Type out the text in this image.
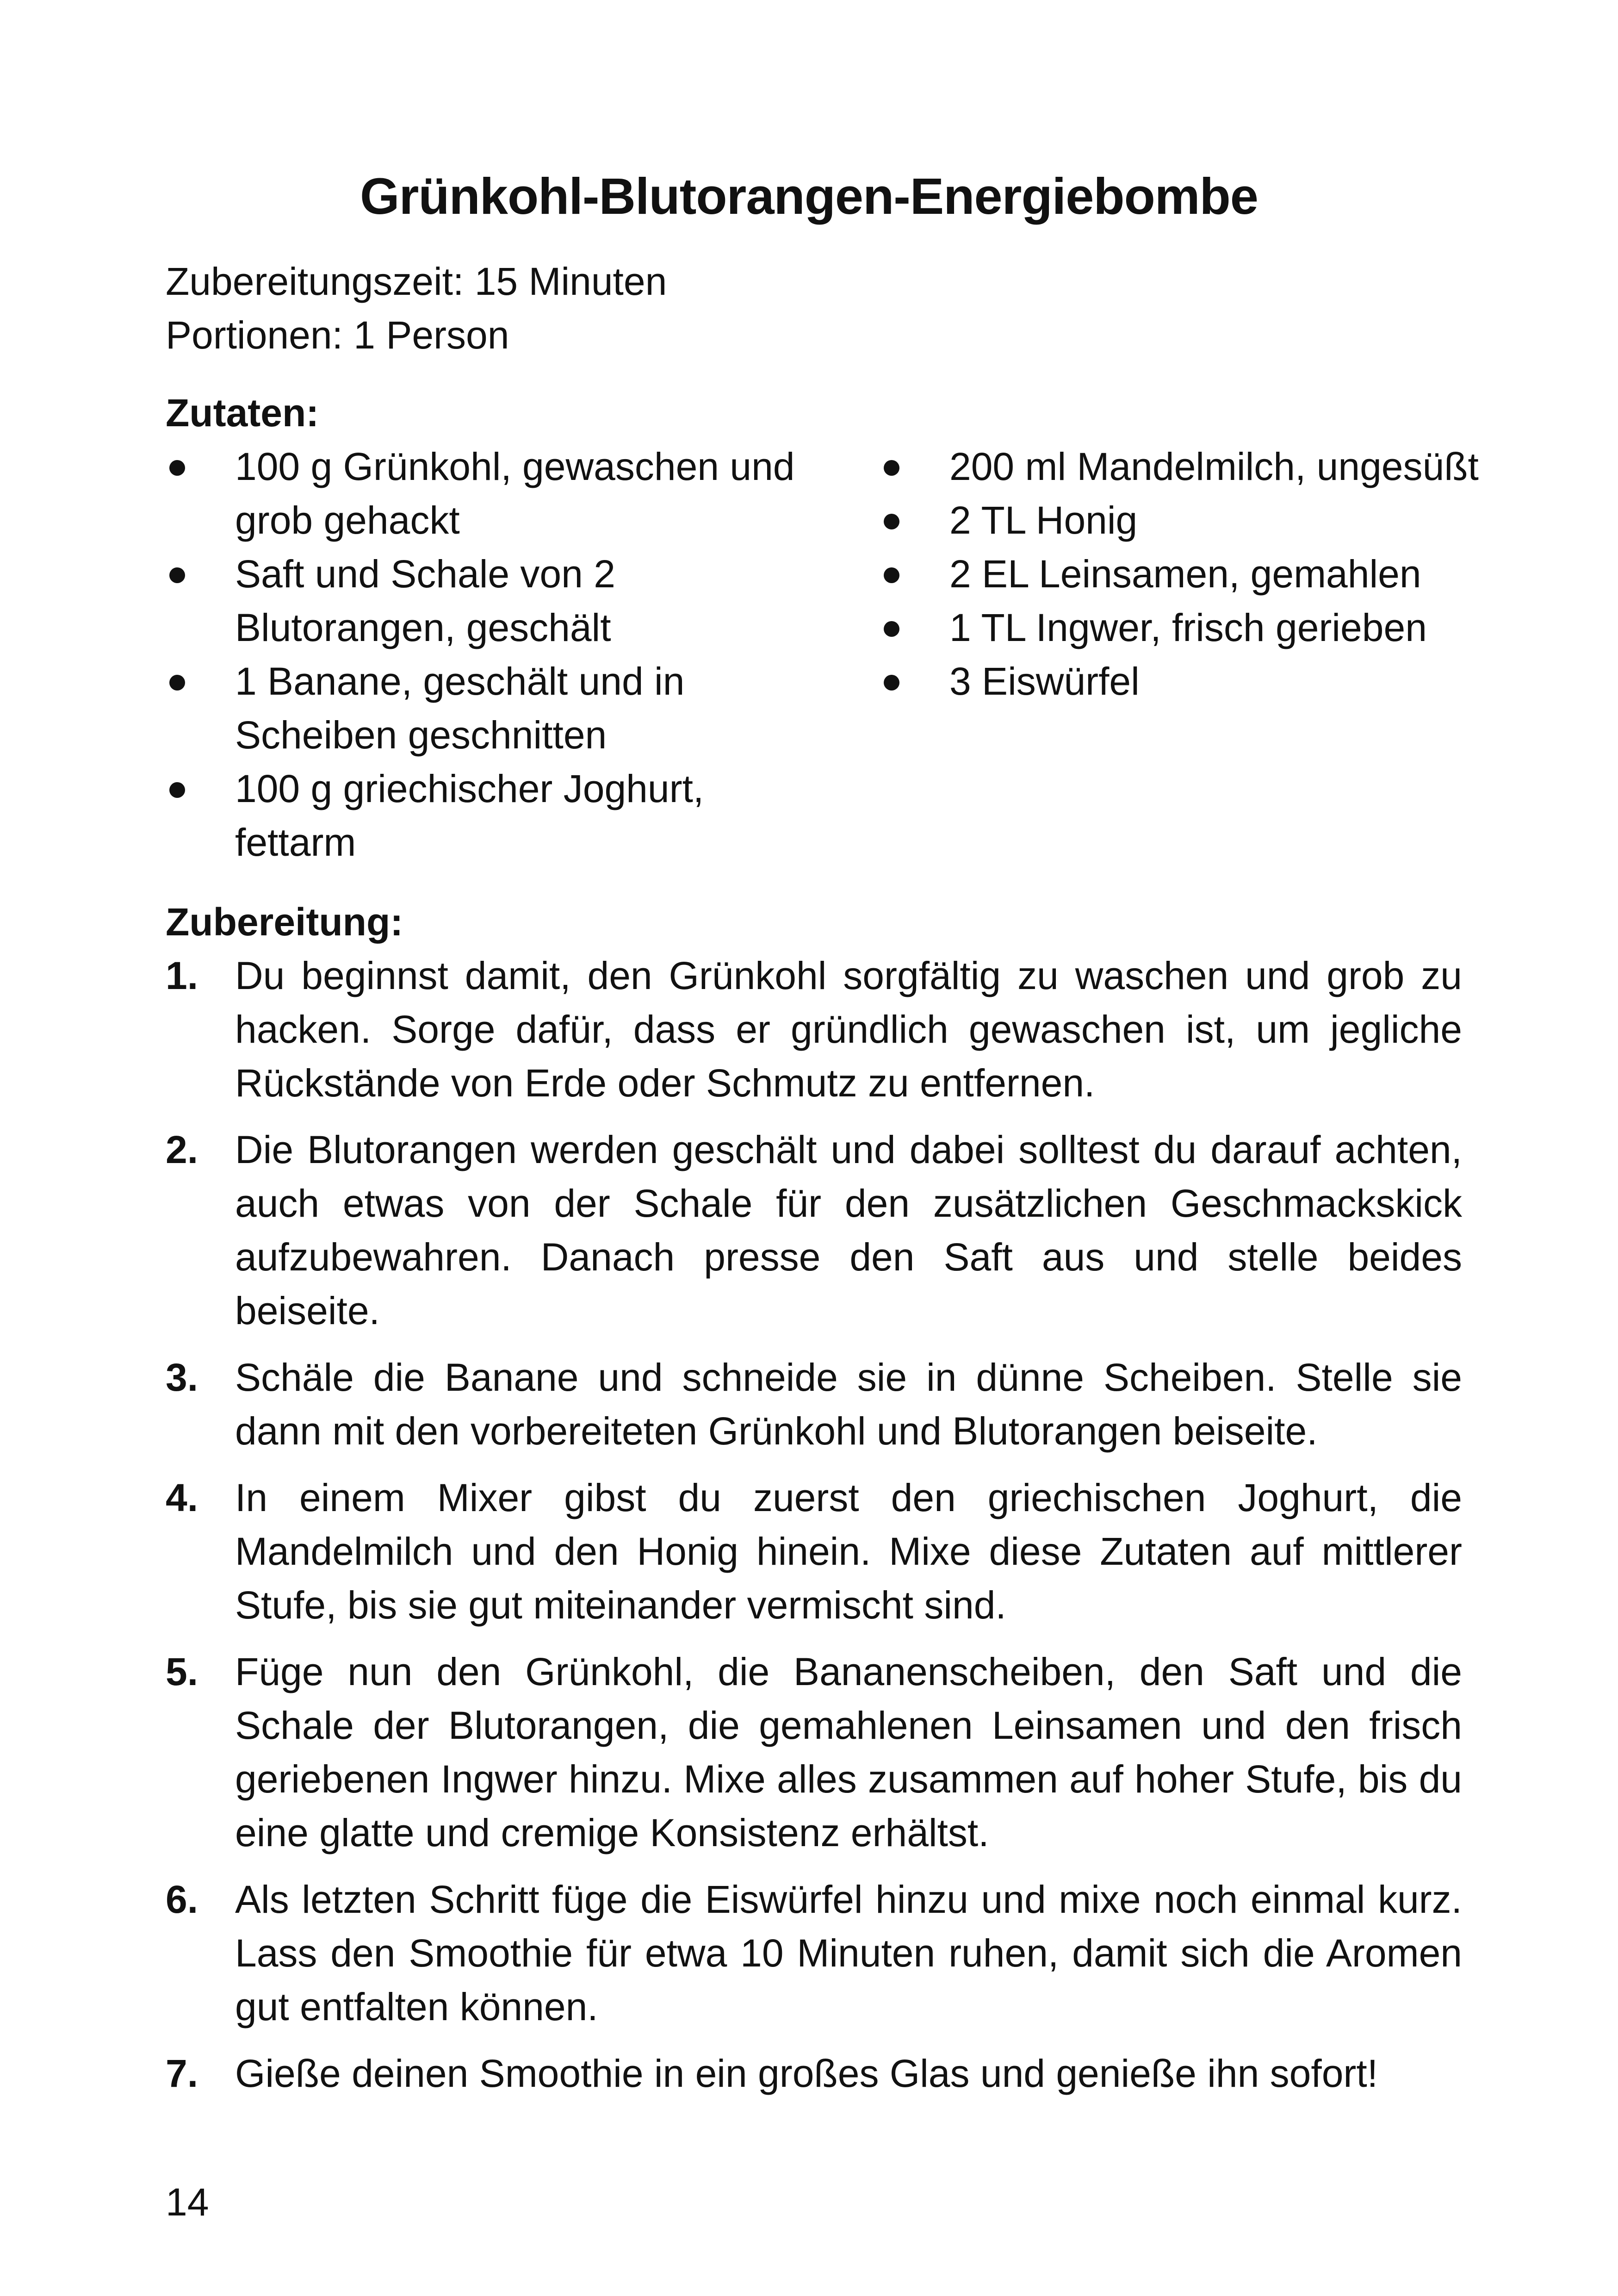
Grünkohl-Blutorangen-Energiebombe
Zubereitungszeit: 15 Minuten
Portionen: 1 Person
Zutaten:
100 g Grünkohl, gewaschen und grob gehackt
Saft und Schale von 2 Blutorangen, geschält
1 Banane, geschält und in Scheiben geschnitten
100 g griechischer Joghurt, fettarm
200 ml Mandelmilch, ungesüßt
2 TL Honig
2 EL Leinsamen, gemahlen
1 TL Ingwer, frisch gerieben
3 Eiswürfel
Zubereitung:
1. Du beginnst damit, den Grünkohl sorgfältig zu waschen und grob zu hacken. Sorge dafür, dass er gründlich gewaschen ist, um jegliche Rückstände von Erde oder Schmutz zu entfernen.
2. Die Blutorangen werden geschält und dabei solltest du darauf achten, auch etwas von der Schale für den zusätzlichen Geschmackskick aufzubewahren. Danach presse den Saft aus und stelle beides beiseite.
3. Schäle die Banane und schneide sie in dünne Scheiben. Stelle sie dann mit den vorbereiteten Grünkohl und Blutorangen beiseite.
4. In einem Mixer gibst du zuerst den griechischen Joghurt, die Mandelmilch und den Honig hinein. Mixe diese Zutaten auf mittlerer Stufe, bis sie gut miteinander vermischt sind.
5. Füge nun den Grünkohl, die Bananenscheiben, den Saft und die Schale der Blutorangen, die gemahlenen Leinsamen und den frisch geriebenen Ingwer hinzu. Mixe alles zusammen auf hoher Stufe, bis du eine glatte und cremige Konsistenz erhältst.
6. Als letzten Schritt füge die Eiswürfel hinzu und mixe noch einmal kurz. Lass den Smoothie für etwa 10 Minuten ruhen, damit sich die Aromen gut entfalten können.
7. Gieße deinen Smoothie in ein großes Glas und genieße ihn sofort!
14
